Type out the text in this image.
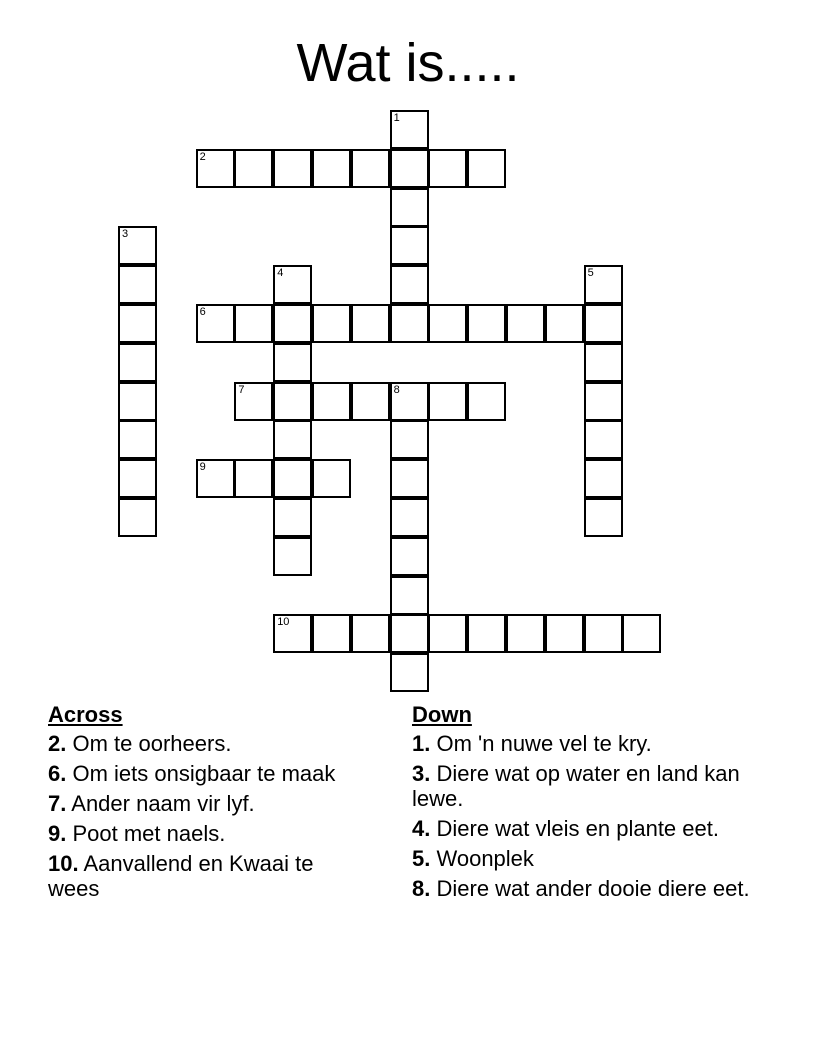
Wat is.....
1
2
3
4	5
6
7	8
9
10
Across
2. Om te oorheers.
6. Om iets onsigbaar te maak
7. Ander naam vir lyf.
9. Poot met naels.
10. Aanvallend en Kwaai te wees
Down
1. Om 'n nuwe vel te kry.
3. Diere wat op water en land kan lewe.
4. Diere wat vleis en plante eet.
5. Woonplek
8. Diere wat ander dooie diere eet.
